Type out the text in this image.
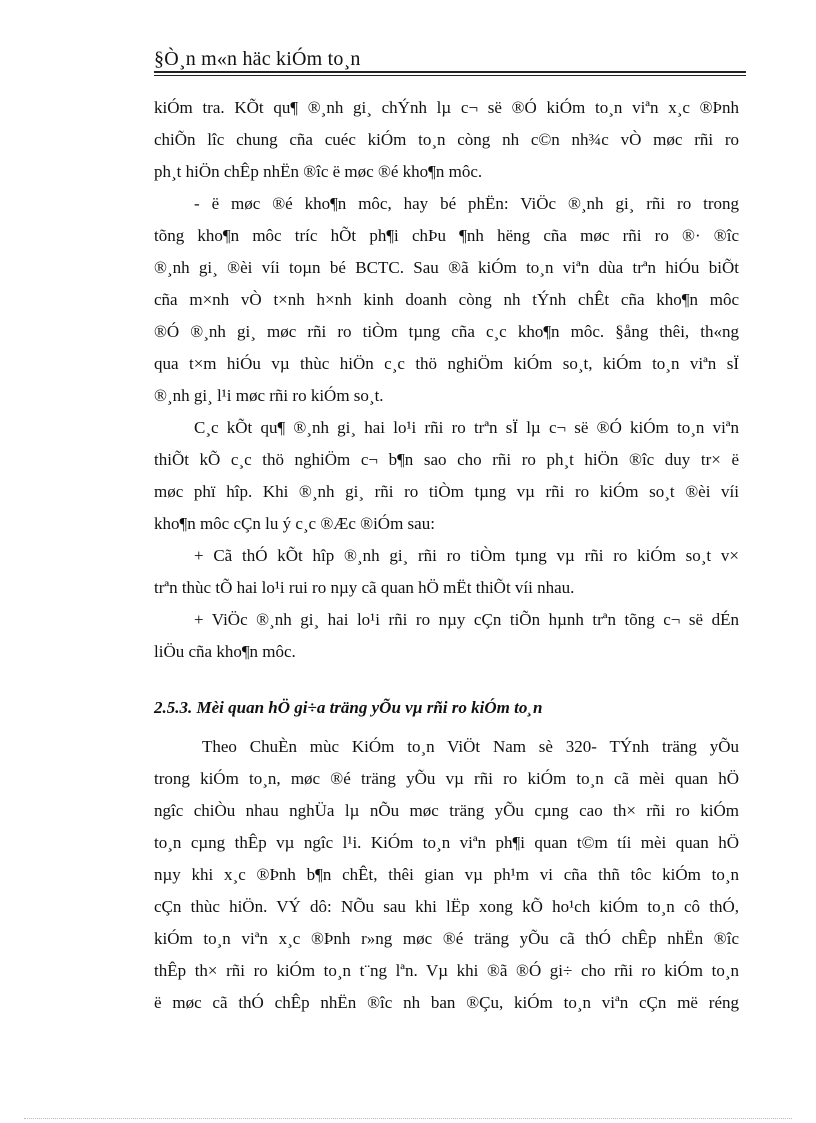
§Ò¸n m«n häc kiÓm to¸n
kiÓm tra. KÕt qu¶ ®¸nh gi¸ chÝnh lµ c¬ së ®Ó kiÓm to¸n viªn x¸c ®Þnh
chiÕn lîc chung cña cuéc kiÓm to¸n còng nh c©n nh¾c vÒ møc rñi ro
ph¸t hiÖn chÊp nhËn ®îc ë møc ®é kho¶n môc.
- ë møc ®é kho¶n môc, hay bé phËn: ViÖc ®¸nh gi¸ rñi ro trong
tõng kho¶n môc tríc hÕt ph¶i chÞu ¶nh hëng cña møc rñi ro ®· ®îc
®¸nh gi¸ ®èi víi toµn bé BCTC. Sau ®ã kiÓm to¸n viªn dùa trªn hiÓu biÕt
cña m×nh vÒ t×nh h×nh kinh doanh còng nh tÝnh chÊt cña kho¶n môc
®Ó ®¸nh gi¸ møc rñi ro tiÒm tµng cña c¸c kho¶n môc. §ång thêi, th«ng
qua t×m hiÓu vµ thùc hiÖn c¸c thö nghiÖm kiÓm so¸t, kiÓm to¸n viªn sÏ
®¸nh gi¸ l¹i møc rñi ro kiÓm so¸t.
C¸c kÕt qu¶ ®¸nh gi¸ hai lo¹i rñi ro trªn sÏ lµ c¬ së ®Ó kiÓm to¸n viªn
thiÕt kÕ c¸c thö nghiÖm c¬ b¶n sao cho rñi ro ph¸t hiÖn ®îc duy tr× ë
møc phï hîp. Khi ®¸nh gi¸ rñi ro tiÒm tµng vµ rñi ro kiÓm so¸t ®èi víi
kho¶n môc cÇn lu ý c¸c ®Æc ®iÓm sau:
+ Cã thÓ kÕt hîp ®¸nh gi¸ rñi ro tiÒm tµng vµ rñi ro kiÓm so¸t v×
trªn thùc tÕ hai lo¹i rui ro nµy cã quan hÖ mËt thiÕt víi nhau.
+ ViÖc ®¸nh gi¸ hai lo¹i rñi ro nµy cÇn tiÕn hµnh trªn tõng c¬ së dÉn
liÖu cña kho¶n môc.
2.5.3. Mèi quan hÖ gi÷a träng yÕu vµ rñi ro kiÓm to¸n
Theo ChuÈn mùc KiÓm to¸n ViÖt Nam sè 320- TÝnh träng yÕu
trong kiÓm to¸n, møc ®é träng yÕu vµ rñi ro kiÓm to¸n cã mèi quan hÖ
ngîc chiÒu nhau nghÜa lµ nÕu møc träng yÕu cµng cao th× rñi ro kiÓm
to¸n cµng thÊp vµ ngîc l¹i. KiÓm to¸n viªn ph¶i quan t©m tíi mèi quan hÖ
nµy khi x¸c ®Þnh b¶n chÊt, thêi gian vµ ph¹m vi cña thñ tôc kiÓm to¸n
cÇn thùc hiÖn. VÝ dô: NÕu sau khi lËp xong kÕ ho¹ch kiÓm to¸n cô thÓ,
kiÓm to¸n viªn x¸c ®Þnh r»ng møc ®é träng yÕu cã thÓ chÊp nhËn ®îc
thÊp th× rñi ro kiÓm to¸n t¨ng lªn. Vµ khi ®ã ®Ó gi÷ cho rñi ro kiÓm to¸n
ë møc cã thÓ chÊp nhËn ®îc nh ban ®Çu, kiÓm to¸n viªn cÇn më réng
